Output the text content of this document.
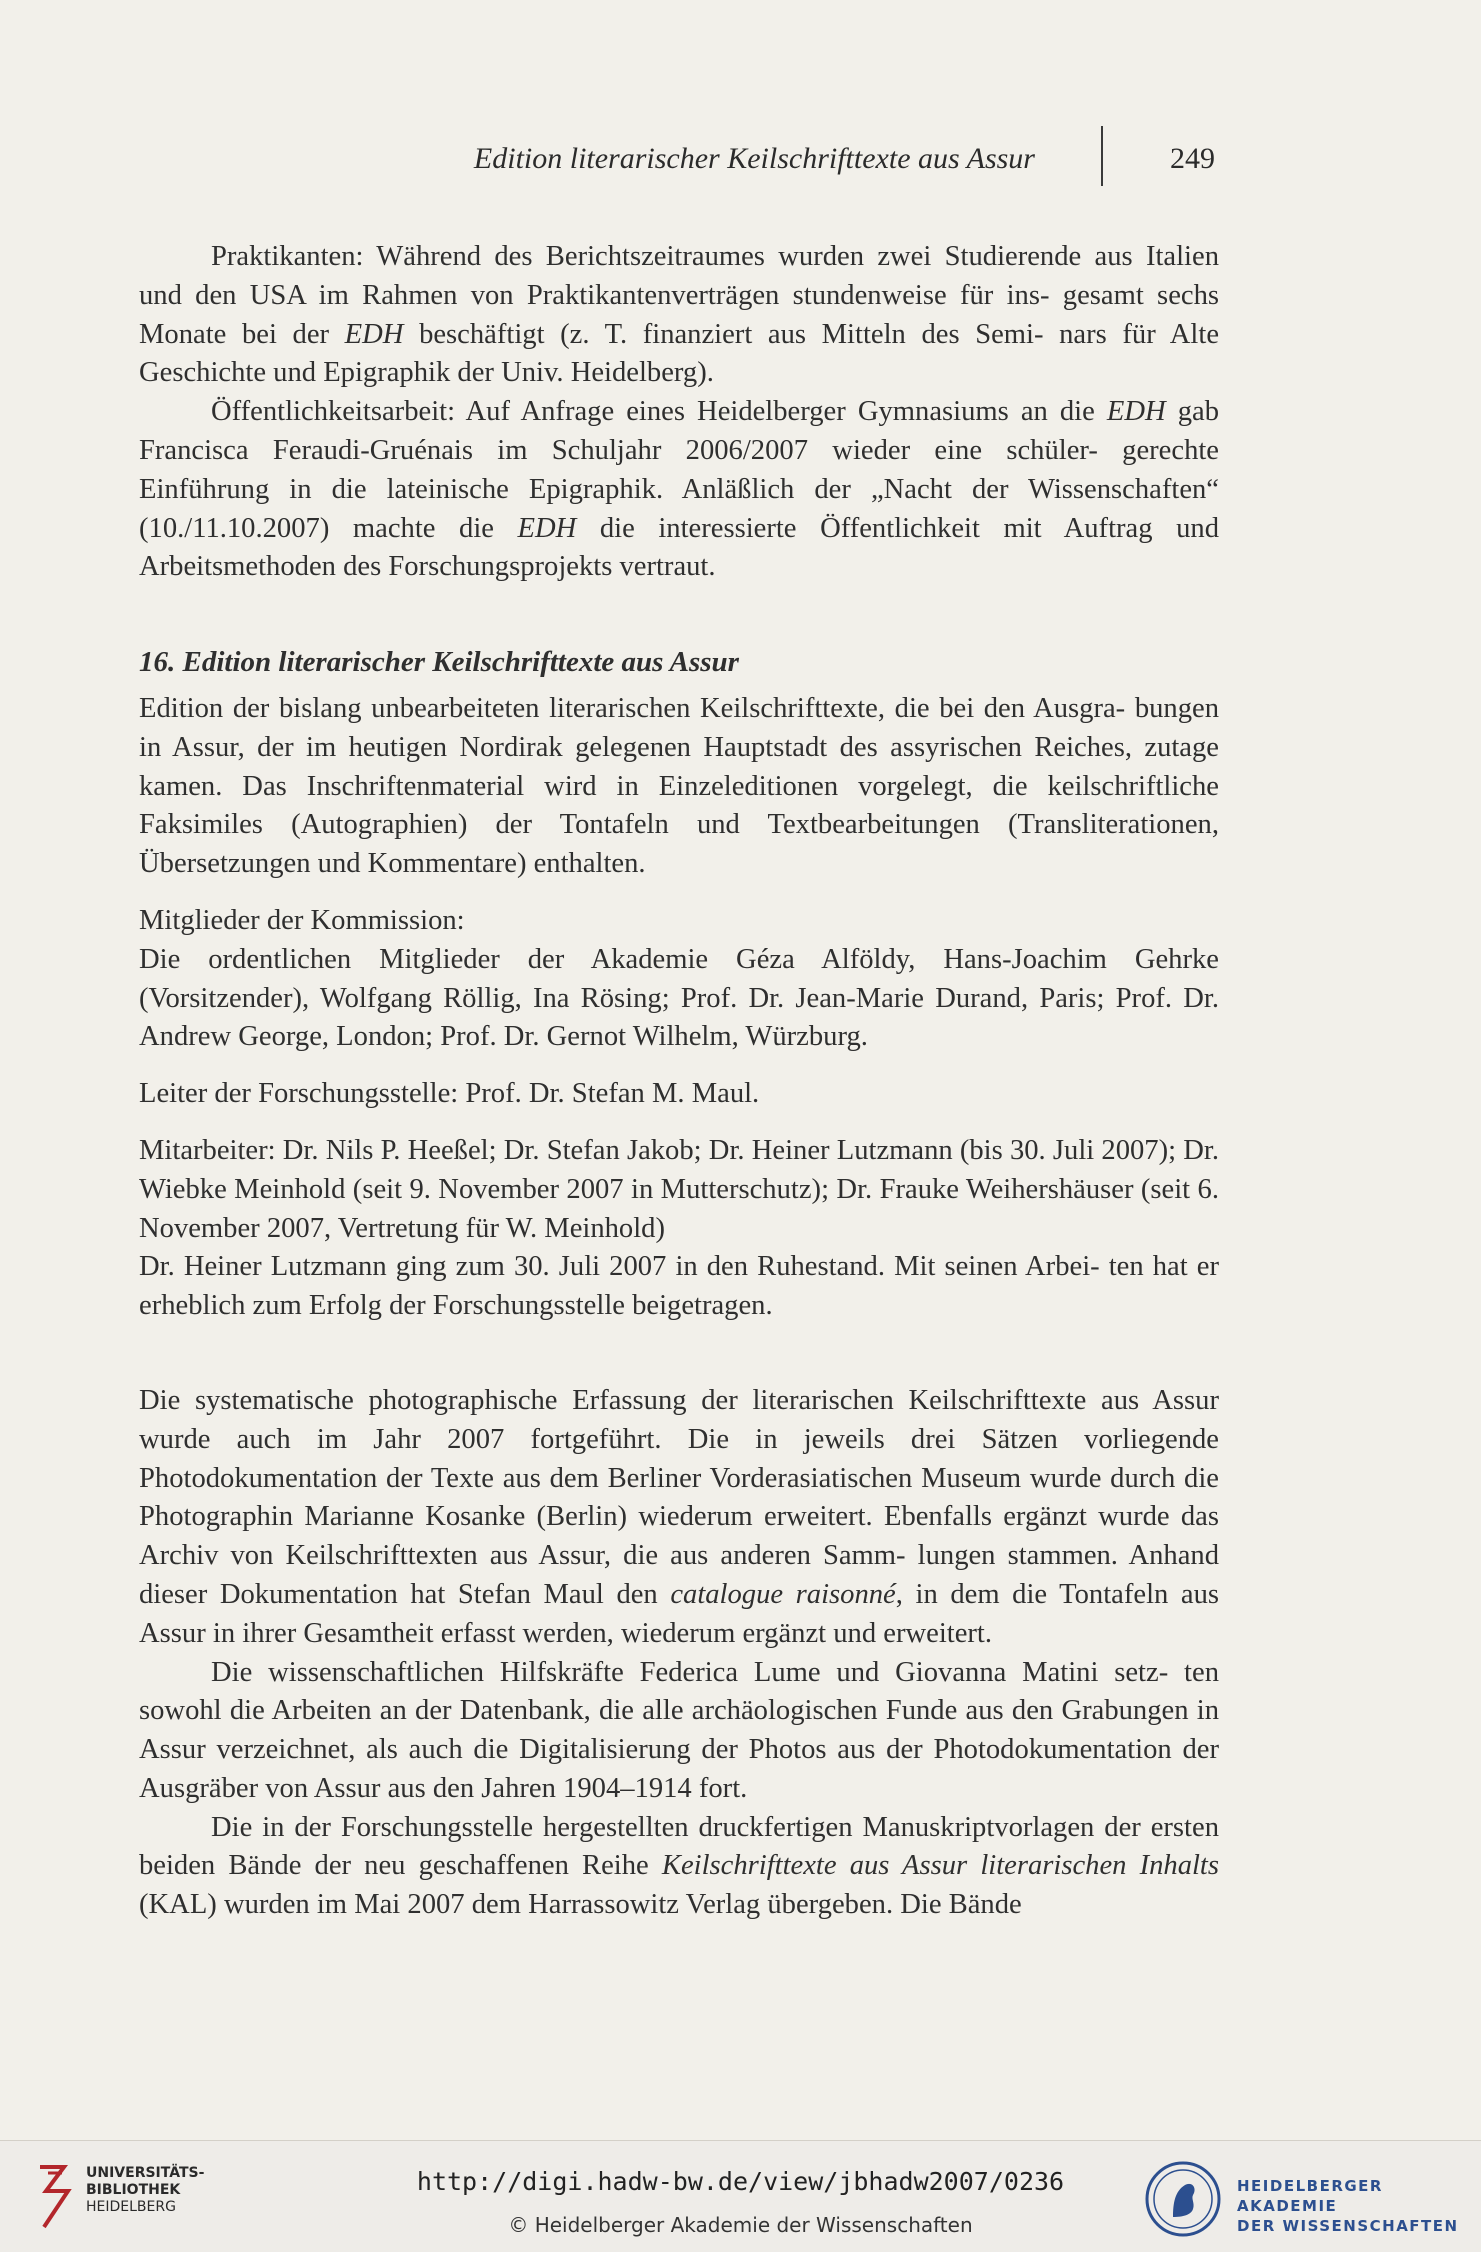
Edition literarischer Keilschrifttexte aus Assur	249

Praktikanten: Während des Berichtszeitraumes wurden zwei Studierende aus Italien und den USA im Rahmen von Praktikantenverträgen stundenweise für ins- gesamt sechs Monate bei der EDH beschäftigt (z. T. finanziert aus Mitteln des Semi- nars für Alte Geschichte und Epigraphik der Univ. Heidelberg).

Öffentlichkeitsarbeit: Auf Anfrage eines Heidelberger Gymnasiums an die EDH gab Francisca Feraudi-Gruénais im Schuljahr 2006/2007 wieder eine schüler- gerechte Einführung in die lateinische Epigraphik. Anläßlich der „Nacht der Wissenschaften“ (10./11.10.2007) machte die EDH die interessierte Öffentlichkeit mit Auftrag und Arbeitsmethoden des Forschungsprojekts vertraut.

16. Edition literarischer Keilschrifttexte aus Assur

Edition der bislang unbearbeiteten literarischen Keilschrifttexte, die bei den Ausgra- bungen in Assur, der im heutigen Nordirak gelegenen Hauptstadt des assyrischen Reiches, zutage kamen. Das Inschriftenmaterial wird in Einzeleditionen vorgelegt, die keilschriftliche Faksimiles (Autographien) der Tontafeln und Textbearbeitungen (Transliterationen, Übersetzungen und Kommentare) enthalten.

Mitglieder der Kommission:

Die ordentlichen Mitglieder der Akademie Géza Alföldy, Hans-Joachim Gehrke (Vorsitzender), Wolfgang Röllig, Ina Rösing; Prof. Dr. Jean-Marie Durand, Paris; Prof. Dr. Andrew George, London; Prof. Dr. Gernot Wilhelm, Würzburg.

Leiter der Forschungsstelle: Prof. Dr. Stefan M. Maul.

Mitarbeiter: Dr. Nils P. Heeßel; Dr. Stefan Jakob; Dr. Heiner Lutzmann (bis 30. Juli 2007); Dr. Wiebke Meinhold (seit 9. November 2007 in Mutterschutz); Dr. Frauke Weihershäuser (seit 6. November 2007, Vertretung für W. Meinhold)

Dr. Heiner Lutzmann ging zum 30. Juli 2007 in den Ruhestand. Mit seinen Arbei- ten hat er erheblich zum Erfolg der Forschungsstelle beigetragen.

Die systematische photographische Erfassung der literarischen Keilschrifttexte aus Assur wurde auch im Jahr 2007 fortgeführt. Die in jeweils drei Sätzen vorliegende Photodokumentation der Texte aus dem Berliner Vorderasiatischen Museum wurde durch die Photographin Marianne Kosanke (Berlin) wiederum erweitert. Ebenfalls ergänzt wurde das Archiv von Keilschrifttexten aus Assur, die aus anderen Samm- lungen stammen. Anhand dieser Dokumentation hat Stefan Maul den catalogue raisonné, in dem die Tontafeln aus Assur in ihrer Gesamtheit erfasst werden, wiederum ergänzt und erweitert.

Die wissenschaftlichen Hilfskräfte Federica Lume und Giovanna Matini setz- ten sowohl die Arbeiten an der Datenbank, die alle archäologischen Funde aus den Grabungen in Assur verzeichnet, als auch die Digitalisierung der Photos aus der Photodokumentation der Ausgräber von Assur aus den Jahren 1904–1914 fort.

Die in der Forschungsstelle hergestellten druckfertigen Manuskriptvorlagen der ersten beiden Bände der neu geschaffenen Reihe Keilschrifttexte aus Assur literarischen Inhalts (KAL) wurden im Mai 2007 dem Harrassowitz Verlag übergeben. Die Bände

UNIVERSITÄTS-
BIBLIOTHEK
HEIDELBERG
http://digi.hadw-bw.de/view/jbhadw2007/0236
© Heidelberger Akademie der Wissenschaften
HEIDELBERGER AKADEMIE
DER WISSENSCHAFTEN
